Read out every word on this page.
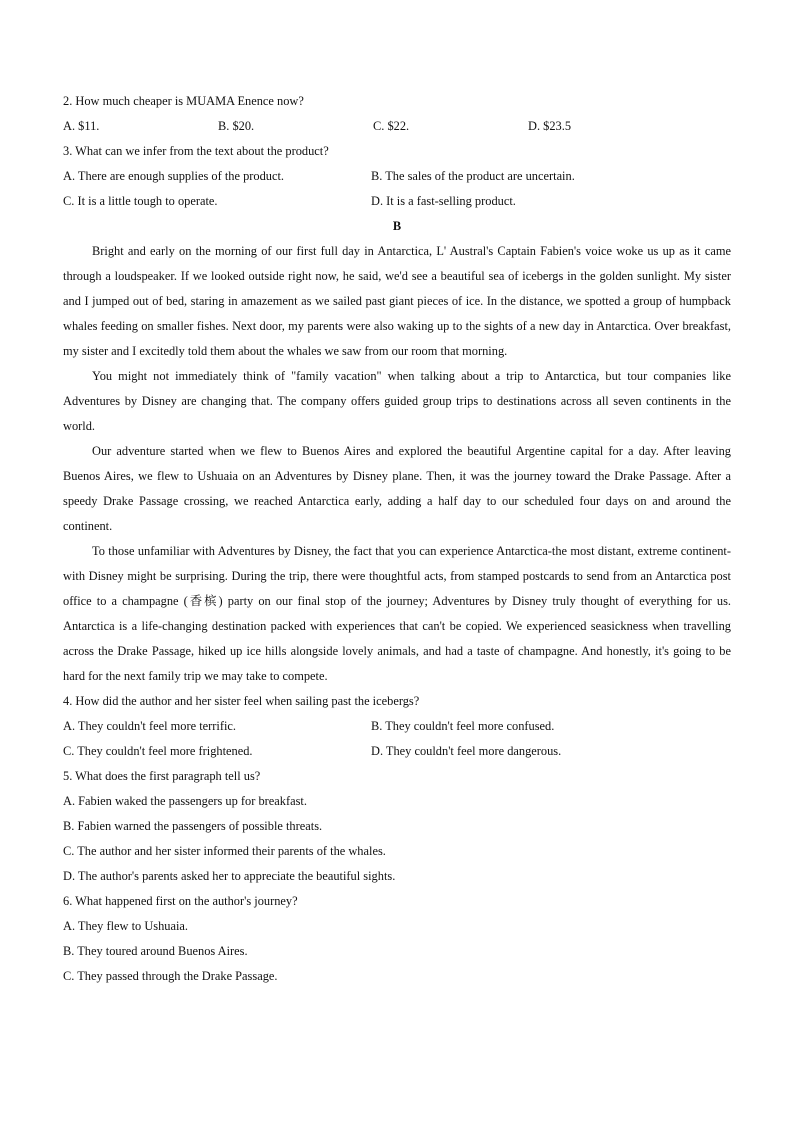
2. How much cheaper is MUAMA Enence now?
A. $11.	B. $20.	C. $22.	D. $23.5
3. What can we infer from the text about the product?
A. There are enough supplies of the product.	B. The sales of the product are uncertain.
C. It is a little tough to operate.	D. It is a fast-selling product.
B

Bright and early on the morning of our first full day in Antarctica, L' Austral's Captain Fabien's voice woke us up as it came through a loudspeaker. If we looked outside right now, he said, we'd see a beautiful sea of icebergs in the golden sunlight. My sister and I jumped out of bed, staring in amazement as we sailed past giant pieces of ice. In the distance, we spotted a group of humpback whales feeding on smaller fishes. Next door, my parents were also waking up to the sights of a new day in Antarctica. Over breakfast, my sister and I excitedly told them about the whales we saw from our room that morning.

You might not immediately think of "family vacation" when talking about a trip to Antarctica, but tour companies like Adventures by Disney are changing that. The company offers guided group trips to destinations across all seven continents in the world.

Our adventure started when we flew to Buenos Aires and explored the beautiful Argentine capital for a day. After leaving Buenos Aires, we flew to Ushuaia on an Adventures by Disney plane. Then, it was the journey toward the Drake Passage. After a speedy Drake Passage crossing, we reached Antarctica early, adding a half day to our scheduled four days on and around the continent.

To those unfamiliar with Adventures by Disney, the fact that you can experience Antarctica-the most distant, extreme continent-with Disney might be surprising. During the trip, there were thoughtful acts, from stamped postcards to send from an Antarctica post office to a champagne (香槟) party on our final stop of the journey; Adventures by Disney truly thought of everything for us. Antarctica is a life-changing destination packed with experiences that can't be copied. We experienced seasickness when travelling across the Drake Passage, hiked up ice hills alongside lovely animals, and had a taste of champagne. And honestly, it's going to be hard for the next family trip we may take to compete.

4. How did the author and her sister feel when sailing past the icebergs?
A. They couldn't feel more terrific.	B. They couldn't feel more confused.
C. They couldn't feel more frightened.	D. They couldn't feel more dangerous.
5. What does the first paragraph tell us?
A. Fabien waked the passengers up for breakfast.
B. Fabien warned the passengers of possible threats.
C. The author and her sister informed their parents of the whales.
D. The author's parents asked her to appreciate the beautiful sights.
6. What happened first on the author's journey?
A. They flew to Ushuaia.
B. They toured around Buenos Aires.
C. They passed through the Drake Passage.
